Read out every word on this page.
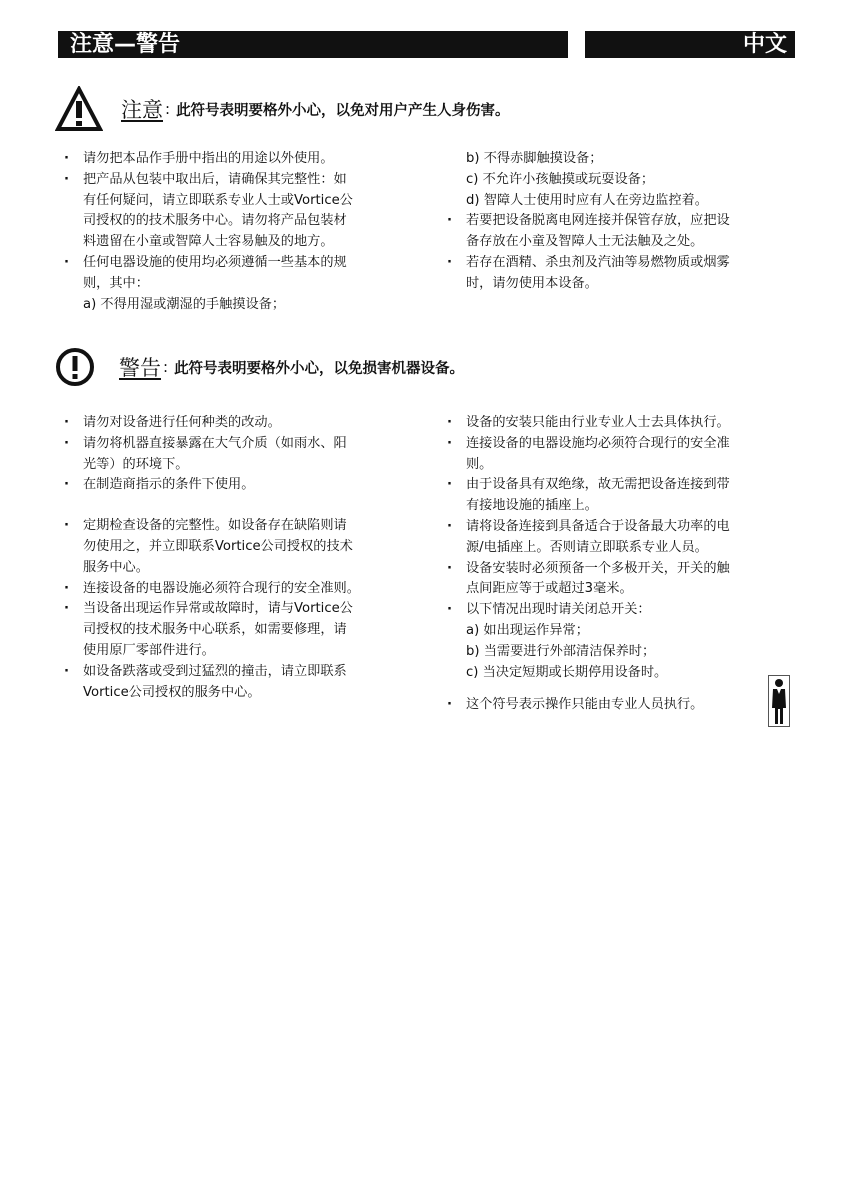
注意—警告	中文
注意 : 此符号表明要格外小心，以免对用户产生人身伤害。
· 请勿把本品作手册中指出的用途以外使用。
· 把产品从包装中取出后，请确保其完整性：如
有任何疑问，请立即联系专业人士或Vortice公
司授权的的技术服务中心。请勿将产品包装材
料遗留在小童或智障人士容易触及的地方。
· 任何电器设施的使用均必须遵循一些基本的规
则，其中：
a) 不得用湿或潮湿的手触摸设备；
b) 不得赤脚触摸设备；
c) 不允许小孩触摸或玩耍设备；
d) 智障人士使用时应有人在旁边监控着。
· 若要把设备脱离电网连接并保管存放，应把设
备存放在小童及智障人士无法触及之处。
· 若存在酒精、杀虫剂及汽油等易燃物质或烟雾
时，请勿使用本设备。
警告 : 此符号表明要格外小心，以免损害机器设备。
· 请勿对设备进行任何种类的改动。
· 请勿将机器直接暴露在大气介质（如雨水、阳
光等）的环境下。
· 在制造商指示的条件下使用。
· 定期检查设备的完整性。如设备存在缺陷则请
勿使用之，并立即联系Vortice公司授权的技术
服务中心。
· 连接设备的电器设施必须符合现行的安全准则。
· 当设备出现运作异常或故障时，请与Vortice公
司授权的技术服务中心联系，如需要修理，请
使用原厂零部件进行。
· 如设备跌落或受到过猛烈的撞击，请立即联系
Vortice公司授权的服务中心。
· 设备的安装只能由行业专业人士去具体执行。
· 连接设备的电器设施均必须符合现行的安全准
则。
· 由于设备具有双绝缘，故无需把设备连接到带
有接地设施的插座上。
· 请将设备连接到具备适合于设备最大功率的电
源/电插座上。否则请立即联系专业人员。
· 设备安装时必须预备一个多极开关，开关的触
点间距应等于或超过3毫米。
· 以下情况出现时请关闭总开关：
a) 如出现运作异常；
b) 当需要进行外部清洁保养时；
c) 当决定短期或长期停用设备时。
· 这个符号表示操作只能由专业人员执行。
